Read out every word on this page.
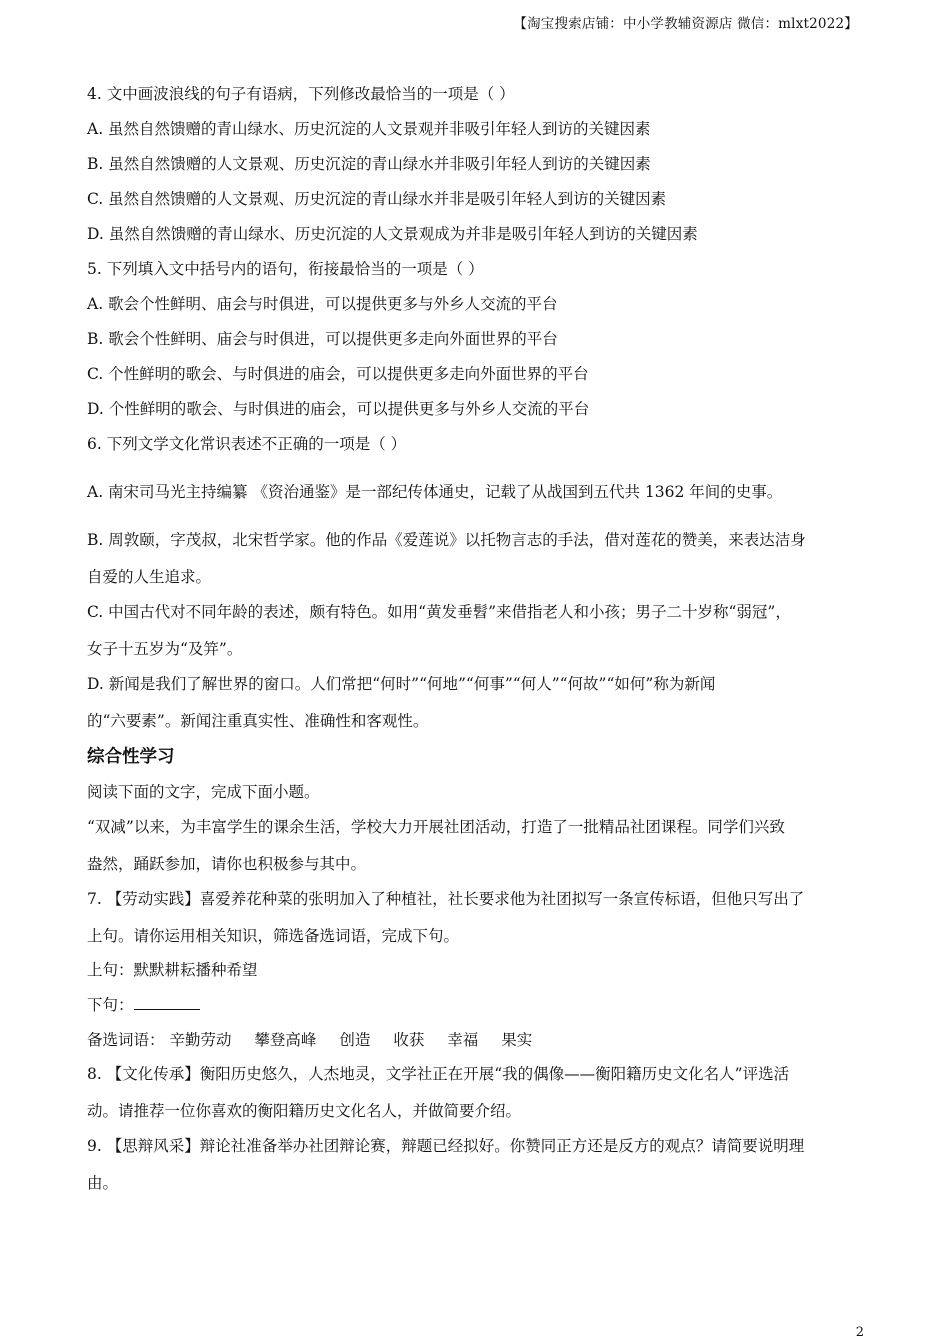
【淘宝搜索店铺：中小学教辅资源店 微信：mlxt2022】
4. 文中画波浪线的句子有语病，下列修改最恰当的一项是（ ）
A. 虽然自然馈赠的青山绿水、历史沉淀的人文景观并非吸引年轻人到访的关键因素
B. 虽然自然馈赠的人文景观、历史沉淀的青山绿水并非吸引年轻人到访的关键因素
C. 虽然自然馈赠的人文景观、历史沉淀的青山绿水并非是吸引年轻人到访的关键因素
D. 虽然自然馈赠的青山绿水、历史沉淀的人文景观成为并非是吸引年轻人到访的关键因素
5. 下列填入文中括号内的语句，衔接最恰当的一项是（ ）
A. 歌会个性鲜明、庙会与时俱进，可以提供更多与外乡人交流的平台
B. 歌会个性鲜明、庙会与时俱进，可以提供更多走向外面世界的平台
C. 个性鲜明的歌会、与时俱进的庙会，可以提供更多走向外面世界的平台
D. 个性鲜明的歌会、与时俱进的庙会，可以提供更多与外乡人交流的平台
6. 下列文学文化常识表述不正确的一项是（ ）
A. 南宋司马光主持编纂 《资治通鉴》是一部纪传体通史，记载了从战国到五代共 1362 年间的史事。
B. 周敦颐，字茂叔，北宋哲学家。他的作品《爱莲说》以托物言志的手法，借对莲花的赞美，来表达洁身
自爱的人生追求。
C. 中国古代对不同年龄的表述，颇有特色。如用“黄发垂髫”来借指老人和小孩；男子二十岁称“弱冠”，
女子十五岁为“及笄”。
D. 新闻是我们了解世界的窗口。人们常把“何时”“何地”“何事”“何人”“何故”“如何”称为新闻
的“六要素”。新闻注重真实性、准确性和客观性。
综合性学习
阅读下面的文字，完成下面小题。
“双减”以来，为丰富学生的课余生活，学校大力开展社团活动，打造了一批精品社团课程。同学们兴致
盎然，踊跃参加，请你也积极参与其中。
7. 【劳动实践】喜爱养花种菜的张明加入了种植社，社长要求他为社团拟写一条宣传标语，但他只写出了
上句。请你运用相关知识，筛选备选词语，完成下句。
上句：默默耕耘播种希望
下句：
备选词语： 辛勤劳动 攀登高峰 创造 收获 幸福 果实
8. 【文化传承】衡阳历史悠久，人杰地灵，文学社正在开展“我的偶像——衡阳籍历史文化名人”评选活
动。请推荐一位你喜欢的衡阳籍历史文化名人，并做简要介绍。
9. 【思辩风采】辩论社准备举办社团辩论赛，辩题已经拟好。你赞同正方还是反方的观点？请简要说明理
由。
2
